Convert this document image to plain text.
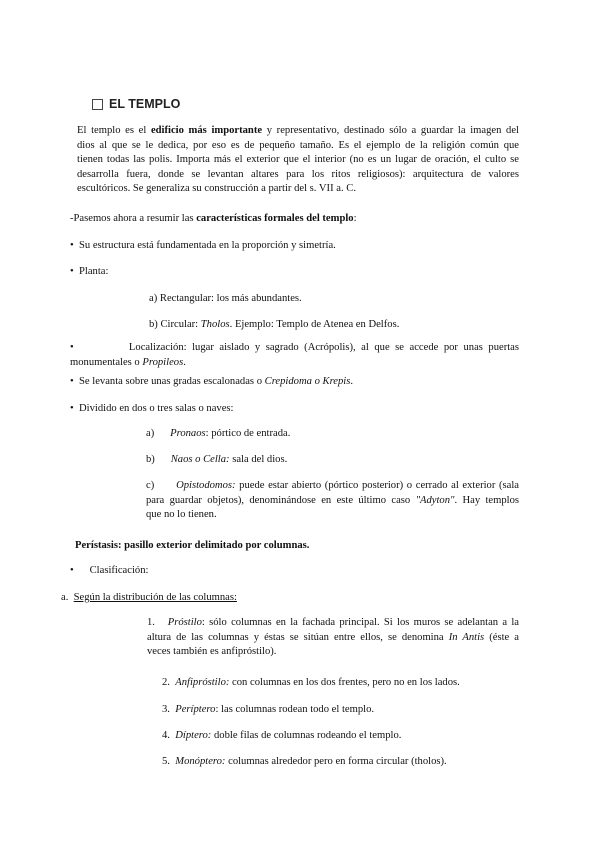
EL TEMPLO
El templo es el edificio más importante y representativo, destinado sólo a guardar la imagen del
dios al que se le dedica, por eso es de pequeño tamaño. Es el ejemplo de la religión común que
tienen todas las polis. Importa más el exterior que el interior (no es un lugar de oración, el culto se
desarrolla fuera, donde se levantan altares para los ritos religiosos): arquitectura de valores
escultóricos. Se generaliza su construcción a partir del s. VII a. C.
-Pasemos ahora a resumir las características formales del templo:
• Su estructura está fundamentada en la proporción y simetría.
• Planta:
a) Rectangular: los más abundantes.
b) Circular: Tholos. Ejemplo: Templo de Atenea en Delfos.
•	Localización: lugar aislado y sagrado (Acrópolis), al que se accede por unas puertas
monumentales o Propileos.
• Se levanta sobre unas gradas escalonadas o Crepidoma o Krepis.
• Dividido en dos o tres salas o naves:
a) Pronaos: pórtico de entrada.
b) Naos o Cella: sala del dios.
c) Opistodomos: puede estar abierto (pórtico posterior) o cerrado al exterior (sala
para guardar objetos), denominándose en este último caso "Adyton". Hay templos
que no lo tienen.
Perístasis: pasillo exterior delimitado por columnas.
• Clasificación:
a. Según la distribución de las columnas:
1. Próstilo: sólo columnas en la fachada principal. Si los muros se adelantan a la
altura de las columnas y éstas se sitúan entre ellos, se denomina In Antis (éste a
veces también es anfipróstilo).
2. Anfipróstilo: con columnas en los dos frentes, pero no en los lados.
3. Períptero: las columnas rodean todo el templo.
4. Díptero: doble filas de columnas rodeando el templo.
5. Monóptero: columnas alrededor pero en forma circular (tholos).
